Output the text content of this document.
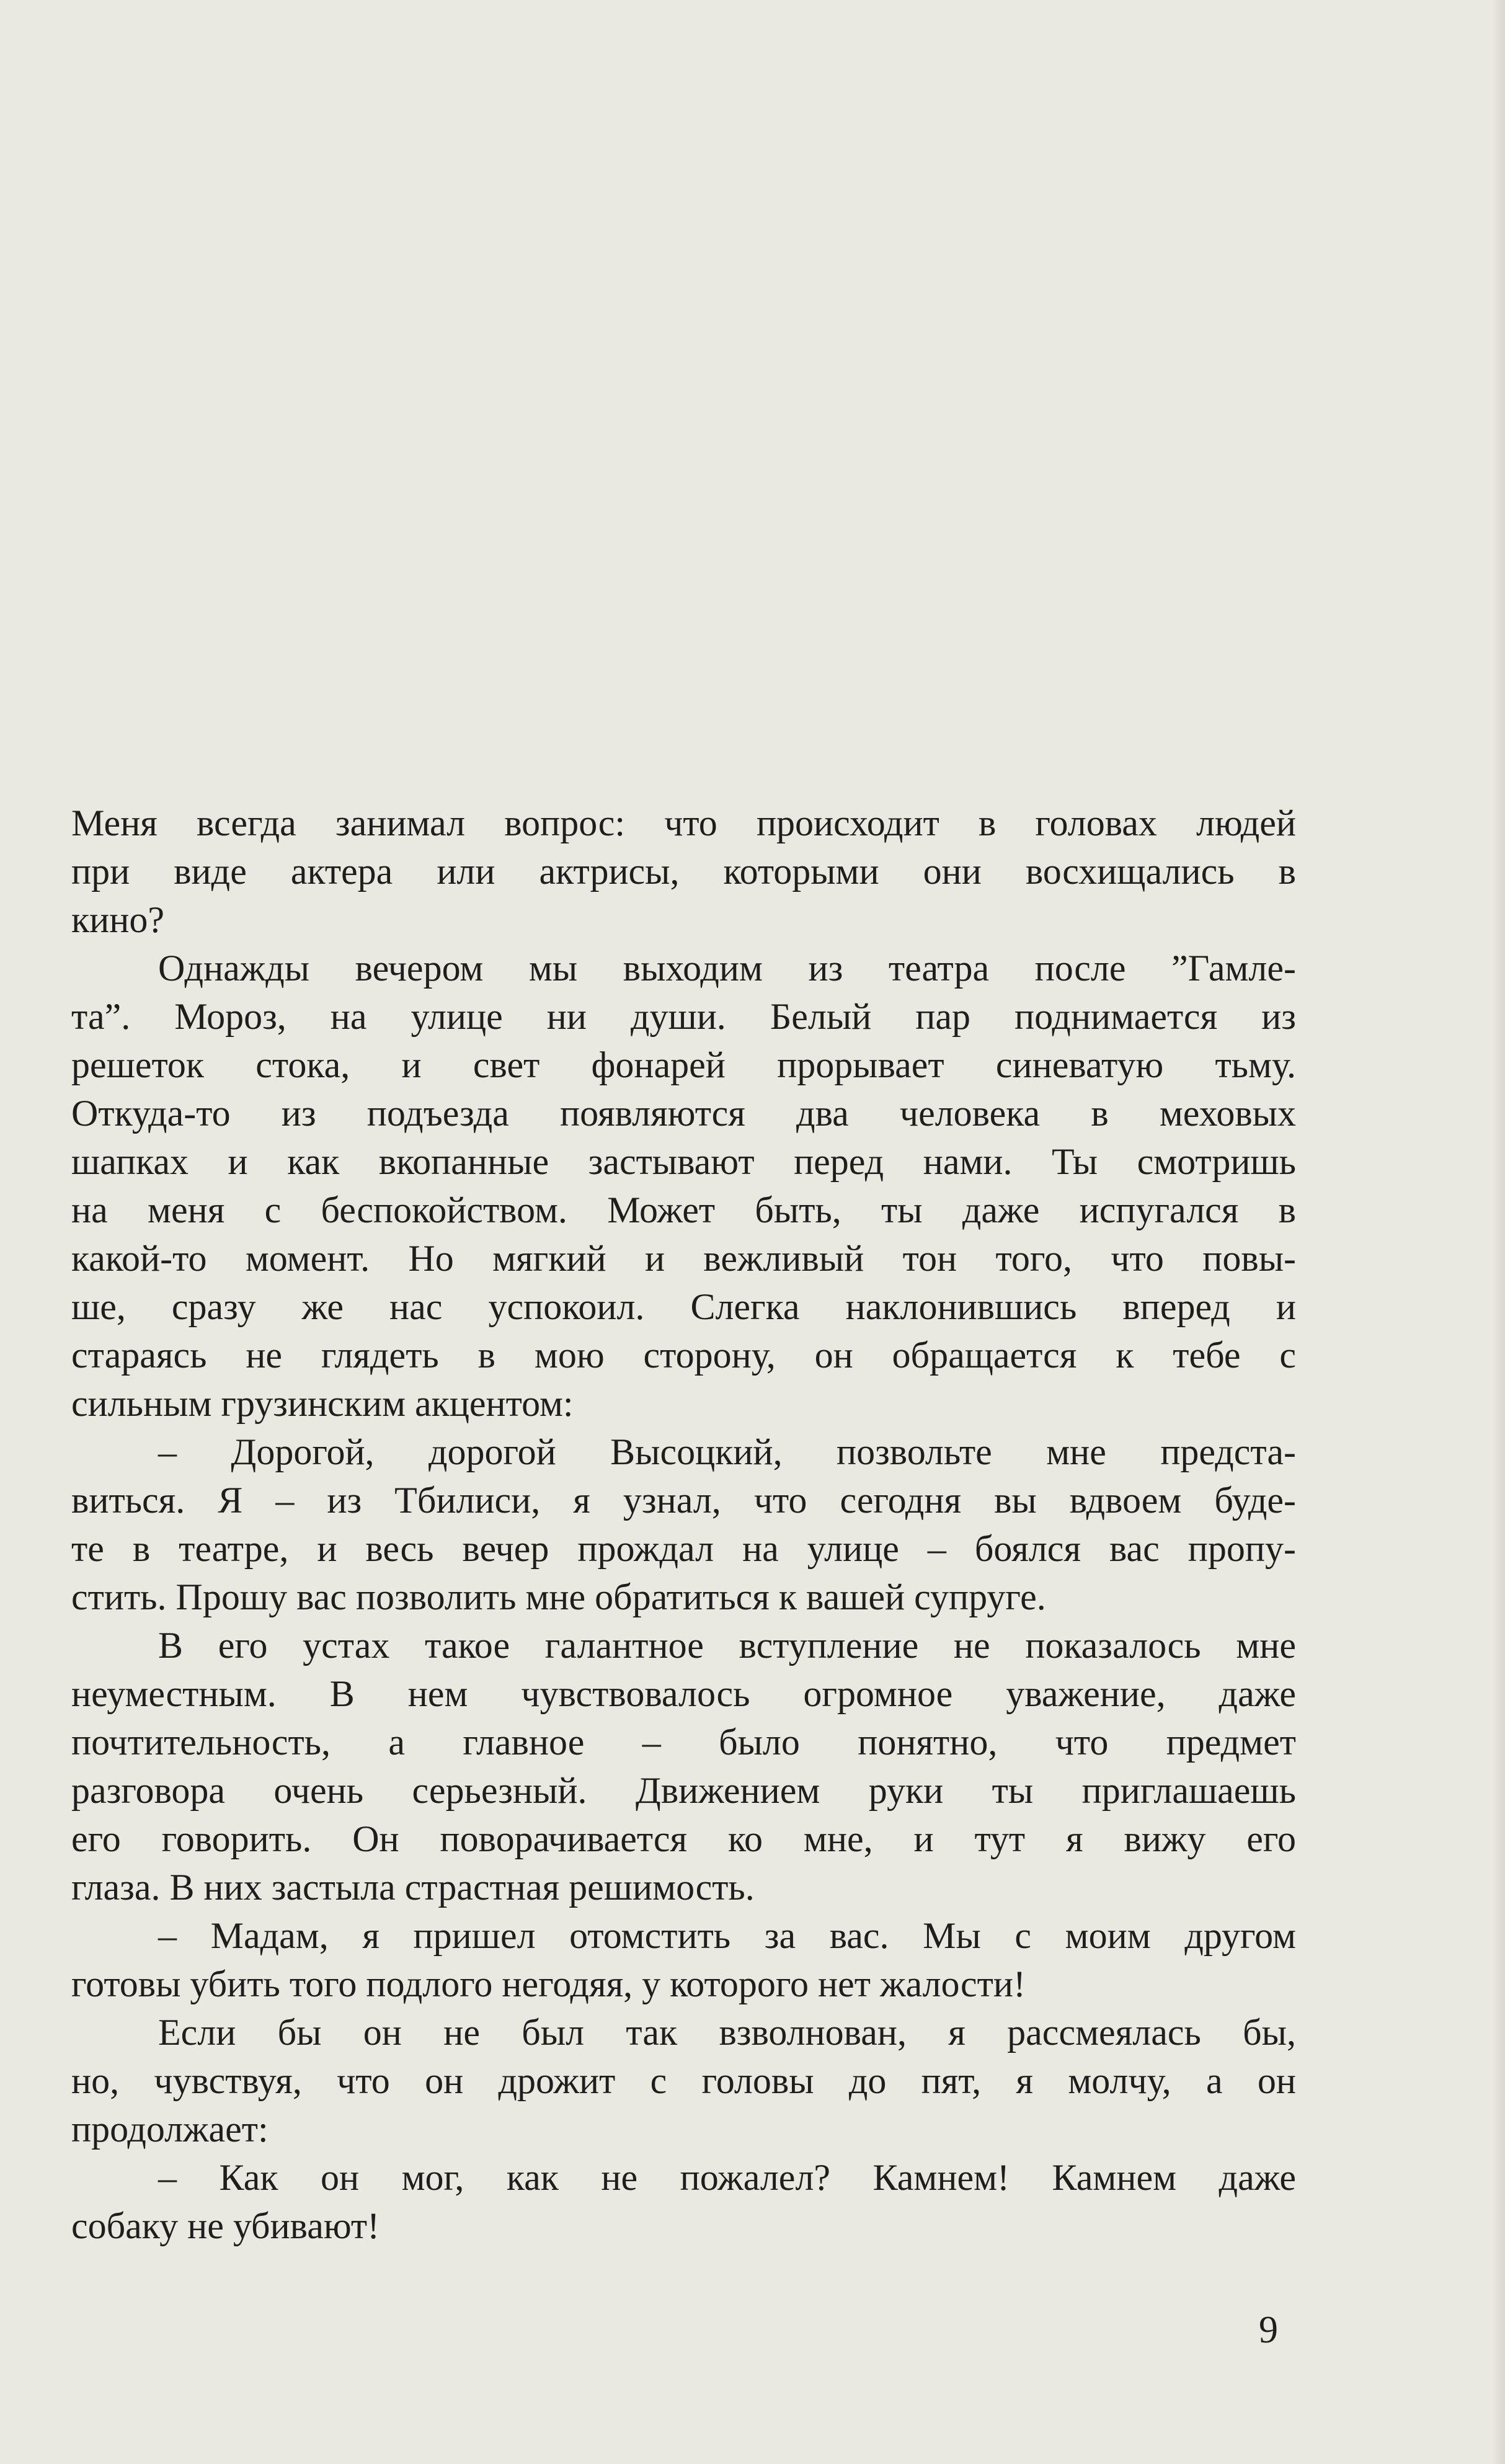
Меня всегда занимал вопрос: что происходит в головах людей
при виде актера или актрисы, которыми они восхищались в
кино?
Однажды вечером мы выходим из театра после ”Гамле-
та”. Мороз, на улице ни души. Белый пар поднимается из
решеток стока, и свет фонарей прорывает синеватую тьму.
Откуда-то из подъезда появляются два человека в меховых
шапках и как вкопанные застывают перед нами. Ты смотришь
на меня с беспокойством. Может быть, ты даже испугался в
какой-то момент. Но мягкий и вежливый тон того, что повы-
ше, сразу же нас успокоил. Слегка наклонившись вперед и
стараясь не глядеть в мою сторону, он обращается к тебе с
сильным грузинским акцентом:
– Дорогой, дорогой Высоцкий, позвольте мне предста-
виться. Я – из Тбилиси, я узнал, что сегодня вы вдвоем буде-
те в театре, и весь вечер прождал на улице – боялся вас пропу-
стить. Прошу вас позволить мне обратиться к вашей супруге.
В его устах такое галантное вступление не показалось мне
неуместным. В нем чувствовалось огромное уважение, даже
почтительность, а главное – было понятно, что предмет
разговора очень серьезный. Движением руки ты приглашаешь
его говорить. Он поворачивается ко мне, и тут я вижу его
глаза. В них застыла страстная решимость.
– Мадам, я пришел отомстить за вас. Мы с моим другом
готовы убить того подлого негодяя, у которого нет жалости!
Если бы он не был так взволнован, я рассмеялась бы,
но, чувствуя, что он дрожит с головы до пят, я молчу, а он
продолжает:
– Как он мог, как не пожалел? Камнем! Камнем даже
собаку не убивают!
9
